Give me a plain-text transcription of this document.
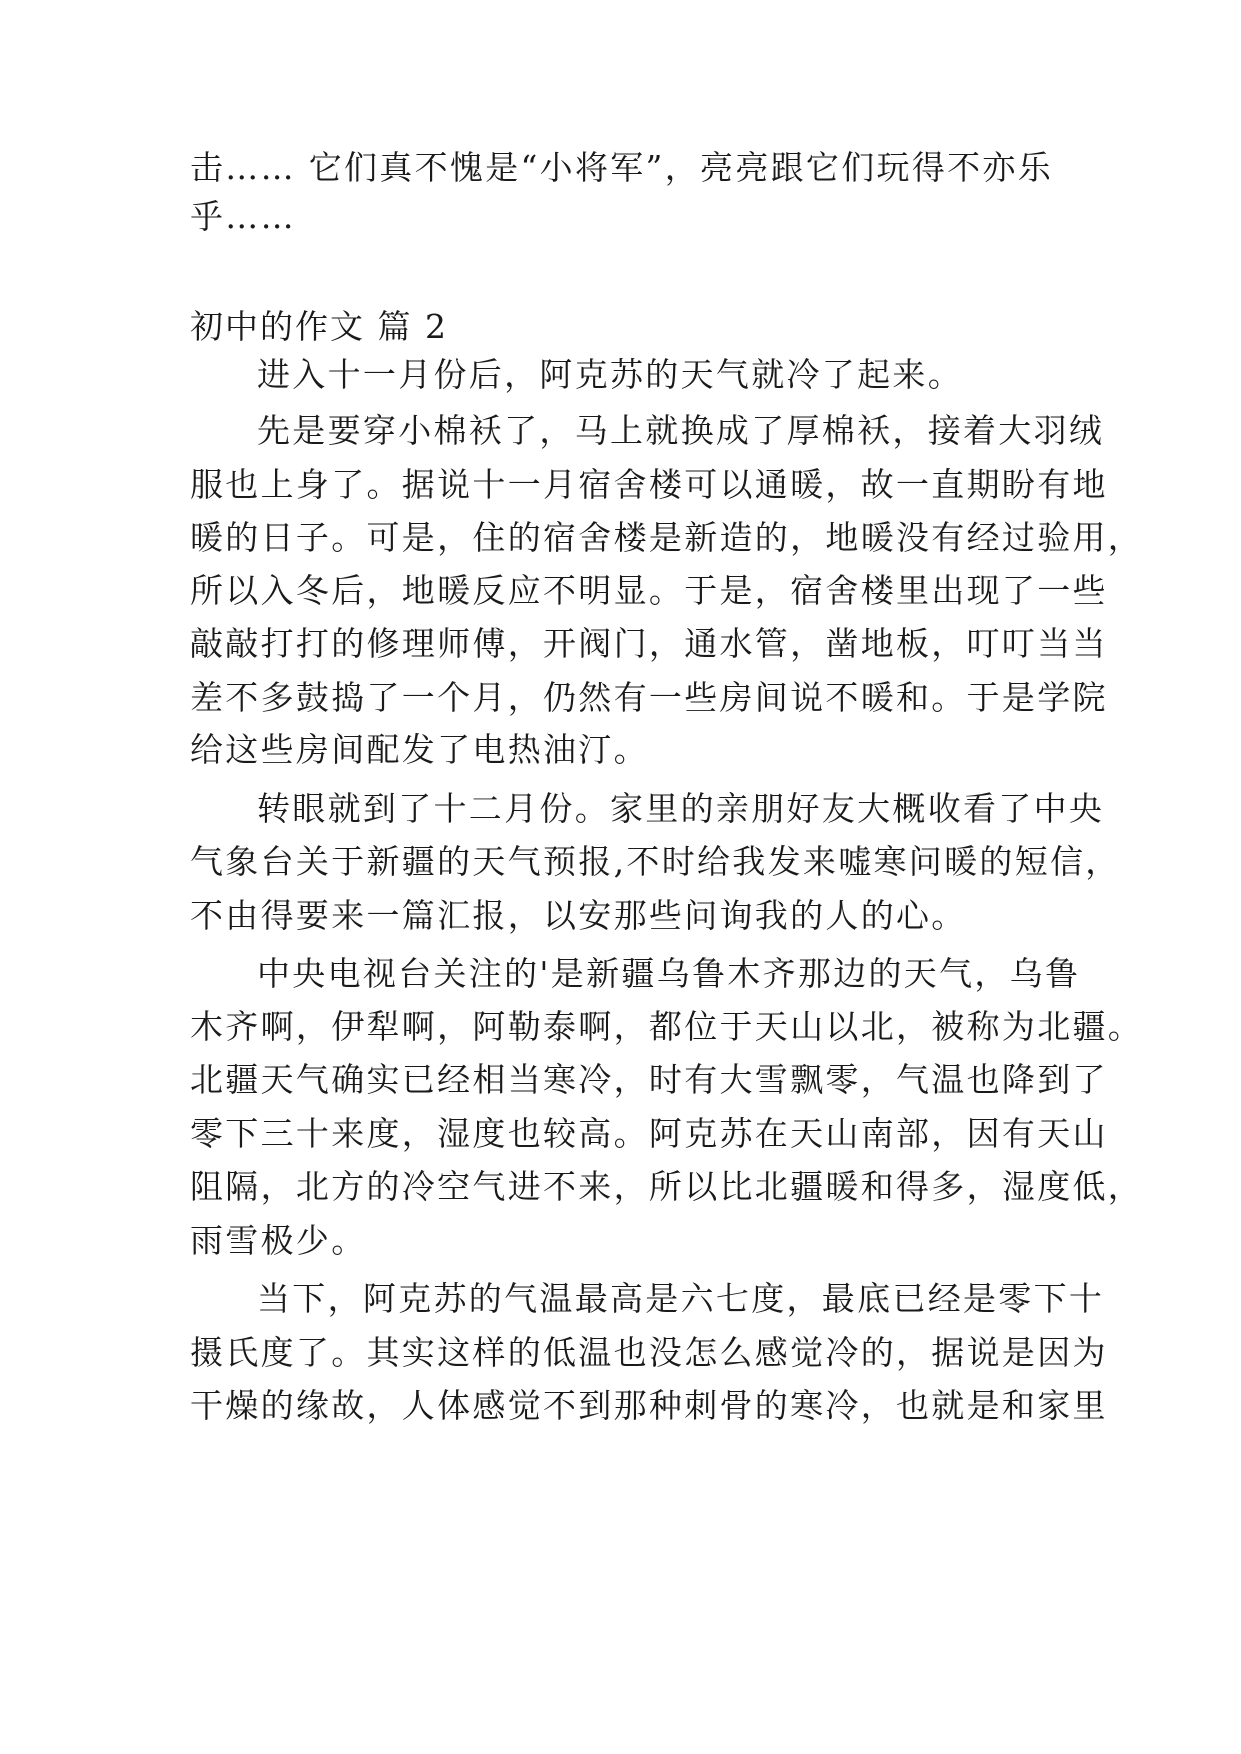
击…… 它们真不愧是“小将军”，亮亮跟它们玩得不亦乐
乎……
初中的作文 篇 2
进入十一月份后，阿克苏的天气就冷了起来。
先是要穿小棉袄了，马上就换成了厚棉袄，接着大羽绒
服也上身了。据说十一月宿舍楼可以通暖，故一直期盼有地
暖的日子。可是，住的宿舍楼是新造的，地暖没有经过验用，
所以入冬后，地暖反应不明显。于是，宿舍楼里出现了一些
敲敲打打的修理师傅，开阀门，通水管，凿地板，叮叮当当
差不多鼓捣了一个月，仍然有一些房间说不暖和。于是学院
给这些房间配发了电热油汀。
转眼就到了十二月份。家里的亲朋好友大概收看了中央
气象台关于新疆的天气预报,不时给我发来嘘寒问暖的短信，
不由得要来一篇汇报，以安那些问询我的人的心。
中央电视台关注的'是新疆乌鲁木齐那边的天气，乌鲁
木齐啊，伊犁啊，阿勒泰啊，都位于天山以北，被称为北疆。
北疆天气确实已经相当寒冷，时有大雪飘零，气温也降到了
零下三十来度，湿度也较高。阿克苏在天山南部，因有天山
阻隔，北方的冷空气进不来，所以比北疆暖和得多，湿度低，
雨雪极少。
当下，阿克苏的气温最高是六七度，最底已经是零下十
摄氏度了。其实这样的低温也没怎么感觉冷的，据说是因为
干燥的缘故，人体感觉不到那种刺骨的寒冷，也就是和家里
